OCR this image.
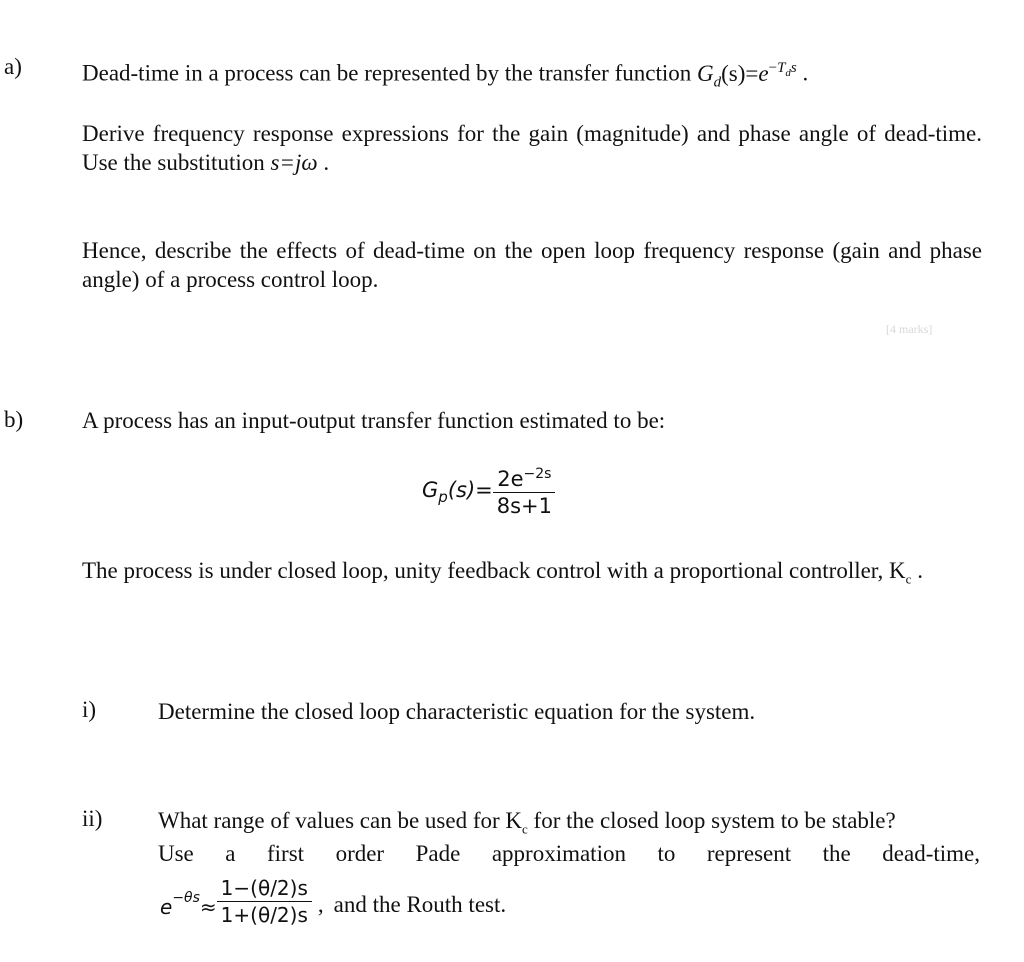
a)	Dead-time in a process can be represented by the transfer function $G_d(s)=e^{-T_ds}$ .
Derive frequency response expressions for the gain (magnitude) and phase angle of dead-time. Use the substitution s=jω .
Hence, describe the effects of dead-time on the open loop frequency response (gain and phase angle) of a process control loop.
[4 marks]
b)	A process has an input-output transfer function estimated to be:
$G_p$ $(s) = \frac{2e^{-2s}}{8s+1}$
The process is under closed loop, unity feedback control with a proportional controller, $K_c$ .
i)	Determine the closed loop characteristic equation for the system.
ii) What range of values can be used for $K_c$ for the closed loop system to be stable?
Use a first order Pade approximation to represent the dead-time,
$e^{-\theta s} \approx \frac{1-(\theta/2)s}{1+(\theta/2)s}$ , and the Routh test.
